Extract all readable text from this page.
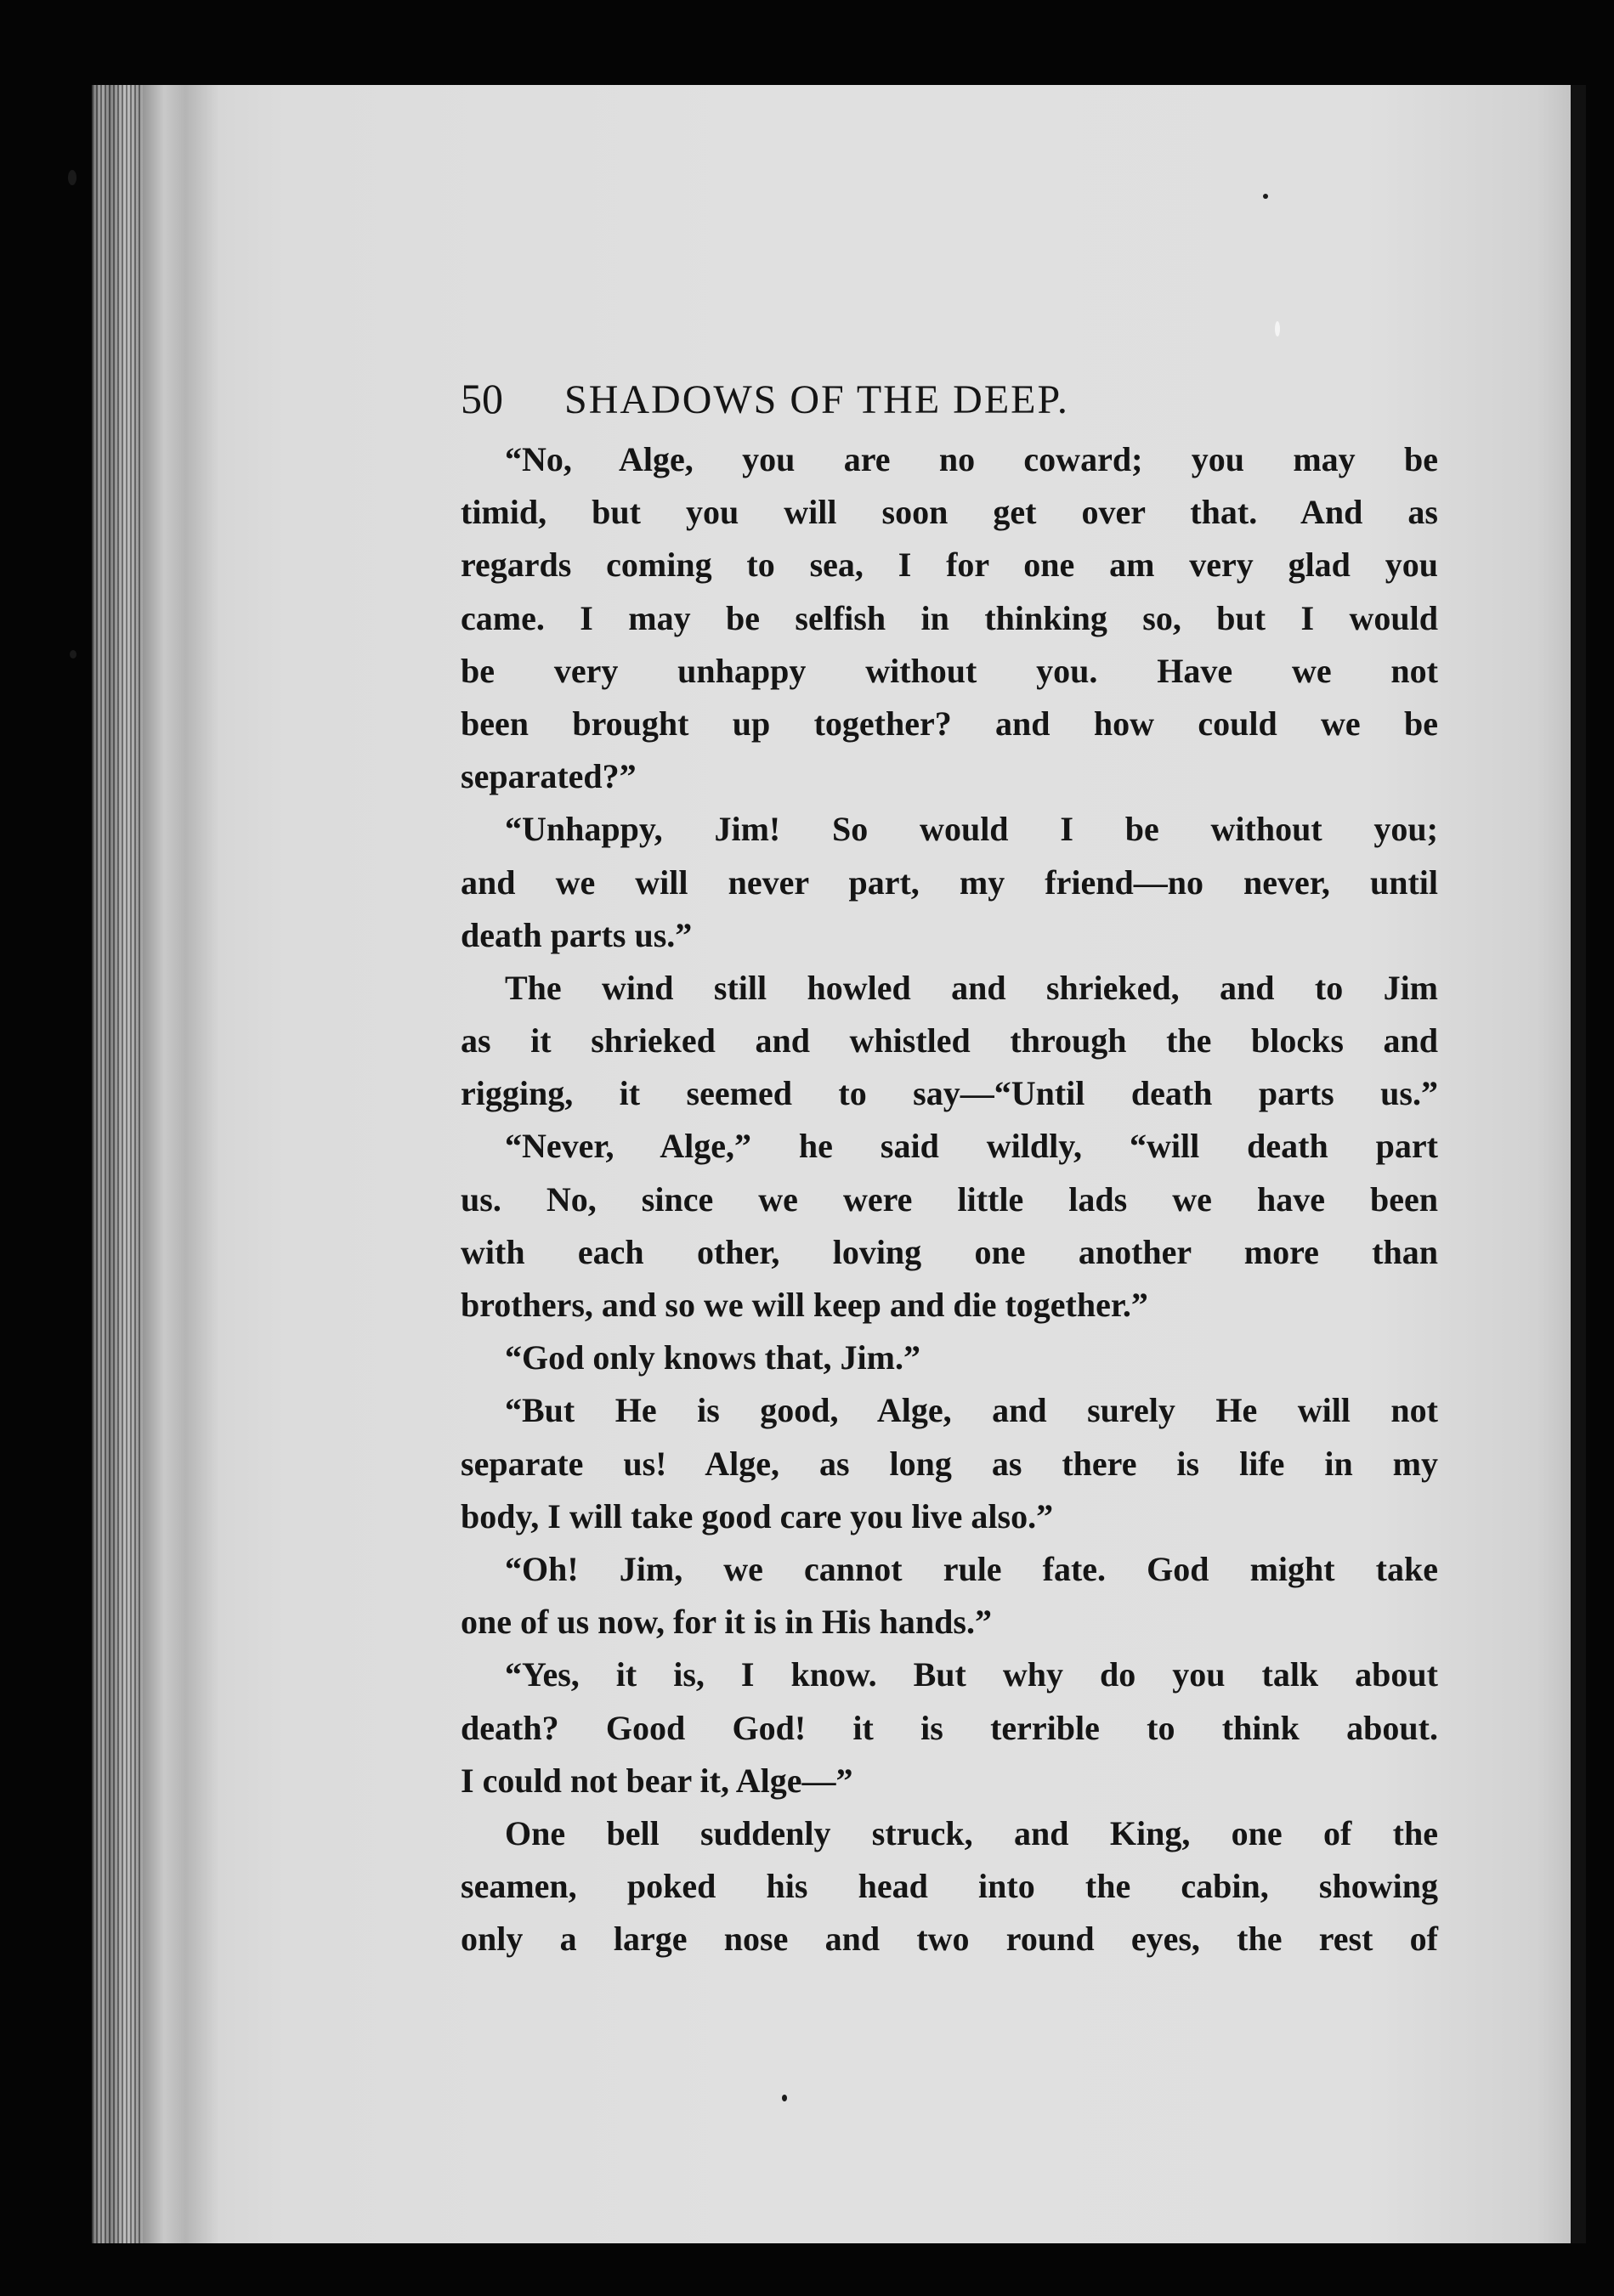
50	SHADOWS OF THE DEEP.
“No, Alge, you are no coward; you may be
timid, but you will soon get over that. And as
regards coming to sea, I for one am very glad you
came. I may be selfish in thinking so, but I would
be very unhappy without you. Have we not
been brought up together? and how could we be
separated?”
“Unhappy, Jim! So would I be without you;
and we will never part, my friend—no never, until
death parts us.”
The wind still howled and shrieked, and to Jim
as it shrieked and whistled through the blocks and
rigging, it seemed to say—“Until death parts us.”
“Never, Alge,” he said wildly, “will death part
us. No, since we were little lads we have been
with each other, loving one another more than
brothers, and so we will keep and die together.”
“God only knows that, Jim.”
“But He is good, Alge, and surely He will not
separate us! Alge, as long as there is life in my
body, I will take good care you live also.”
“Oh! Jim, we cannot rule fate. God might take
one of us now, for it is in His hands.”
“Yes, it is, I know. But why do you talk about
death? Good God! it is terrible to think about.
I could not bear it, Alge—”
One bell suddenly struck, and King, one of the
seamen, poked his head into the cabin, showing
only a large nose and two round eyes, the rest of
